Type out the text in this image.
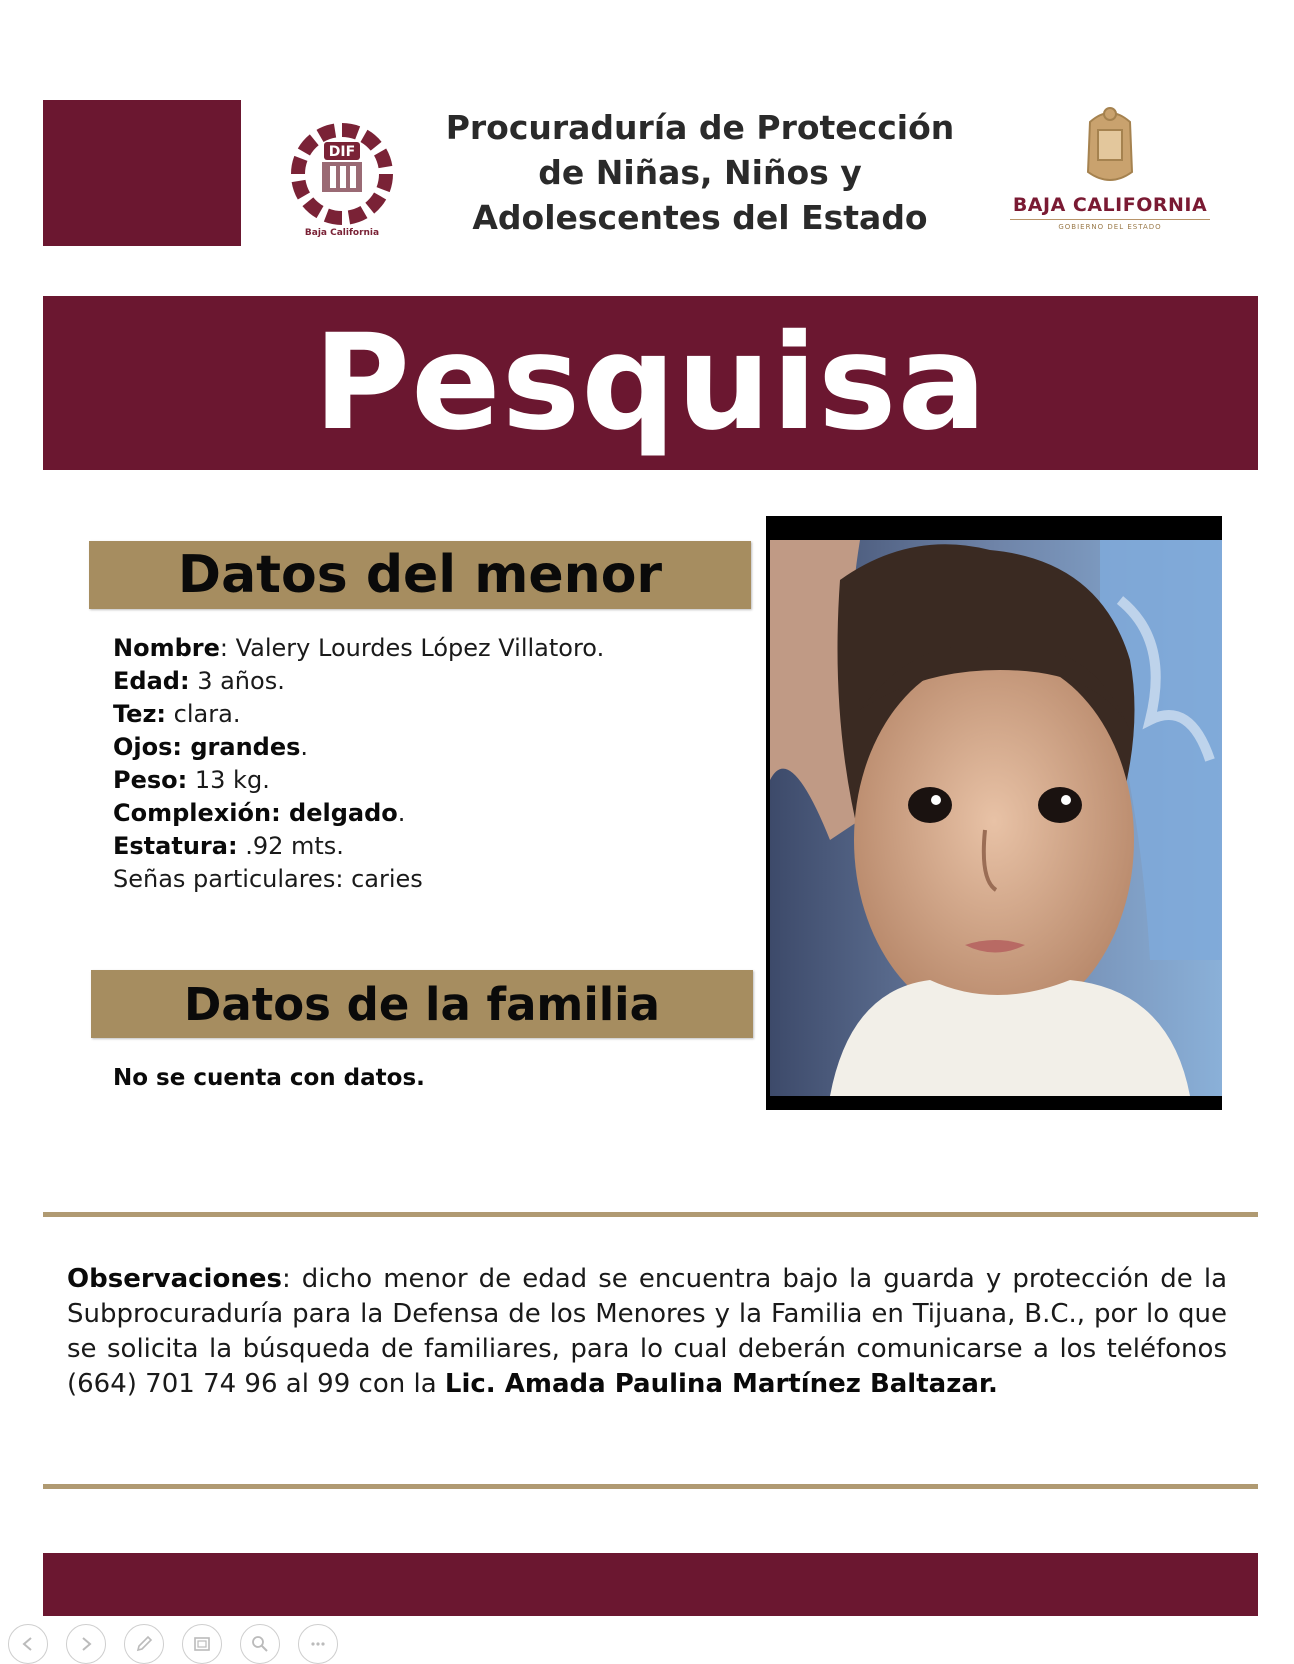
DIF
Baja California
Procuraduría de Protección
de Niñas, Niños y
Adolescentes del Estado	BAJA CALIFORNIA
GOBIERNO DEL ESTADO
Pesquisa
Datos del menor
Nombre: Valery Lourdes López Villatoro.
Edad: 3 años.
Tez: clara.
Ojos: grandes.
Peso: 13 kg.
Complexión: delgado.
Estatura: .92 mts.
Señas particulares: caries
Datos de la familia
No se cuenta con datos.
Observaciones: dicho menor de edad se encuentra bajo la guarda y protección de la Subprocuraduría para la Defensa de los Menores y la Familia en Tijuana, B.C., por lo que se solicita la búsqueda de familiares, para lo cual deberán comunicarse a los teléfonos (664) 701 74 96 al 99 con la Lic. Amada Paulina Martínez Baltazar.
